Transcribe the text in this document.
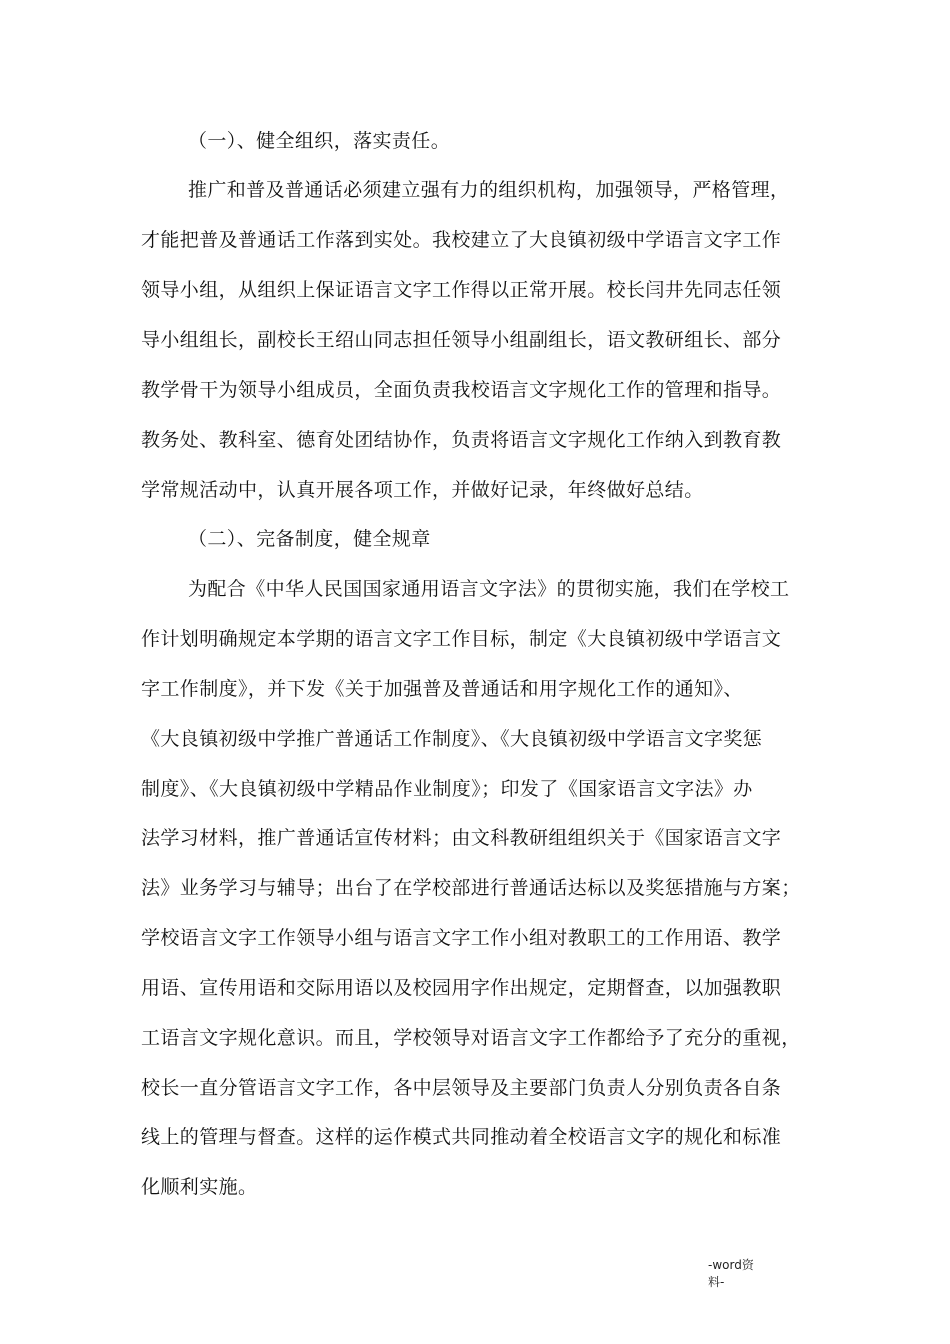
（一）、健全组织，落实责任。
推广和普及普通话必须建立强有力的组织机构，加强领导，严格管理，
才能把普及普通话工作落到实处。我校建立了大良镇初级中学语言文字工作
领导小组，从组织上保证语言文字工作得以正常开展。校长闫井先同志任领
导小组组长，副校长王绍山同志担任领导小组副组长，语文教研组长、部分
教学骨干为领导小组成员，全面负责我校语言文字规化工作的管理和指导。
教务处、教科室、德育处团结协作，负责将语言文字规化工作纳入到教育教
学常规活动中，认真开展各项工作，并做好记录，年终做好总结。
（二）、完备制度，健全规章
为配合《中华人民国国家通用语言文字法》的贯彻实施，我们在学校工
作计划明确规定本学期的语言文字工作目标，制定《大良镇初级中学语言文
字工作制度》，并下发《关于加强普及普通话和用字规化工作的通知》、
《大良镇初级中学推广普通话工作制度》、《大良镇初级中学语言文字奖惩
制度》、《大良镇初级中学精品作业制度》；印发了《国家语言文字法》办
法学习材料，推广普通话宣传材料；由文科教研组组织关于《国家语言文字
法》业务学习与辅导；出台了在学校部进行普通话达标以及奖惩措施与方案；
学校语言文字工作领导小组与语言文字工作小组对教职工的工作用语、教学
用语、宣传用语和交际用语以及校园用字作出规定，定期督查，以加强教职
工语言文字规化意识。而且，学校领导对语言文字工作都给予了充分的重视，
校长一直分管语言文字工作，各中层领导及主要部门负责人分别负责各自条
线上的管理与督查。这样的运作模式共同推动着全校语言文字的规化和标准
化顺利实施。
-word资
料-
